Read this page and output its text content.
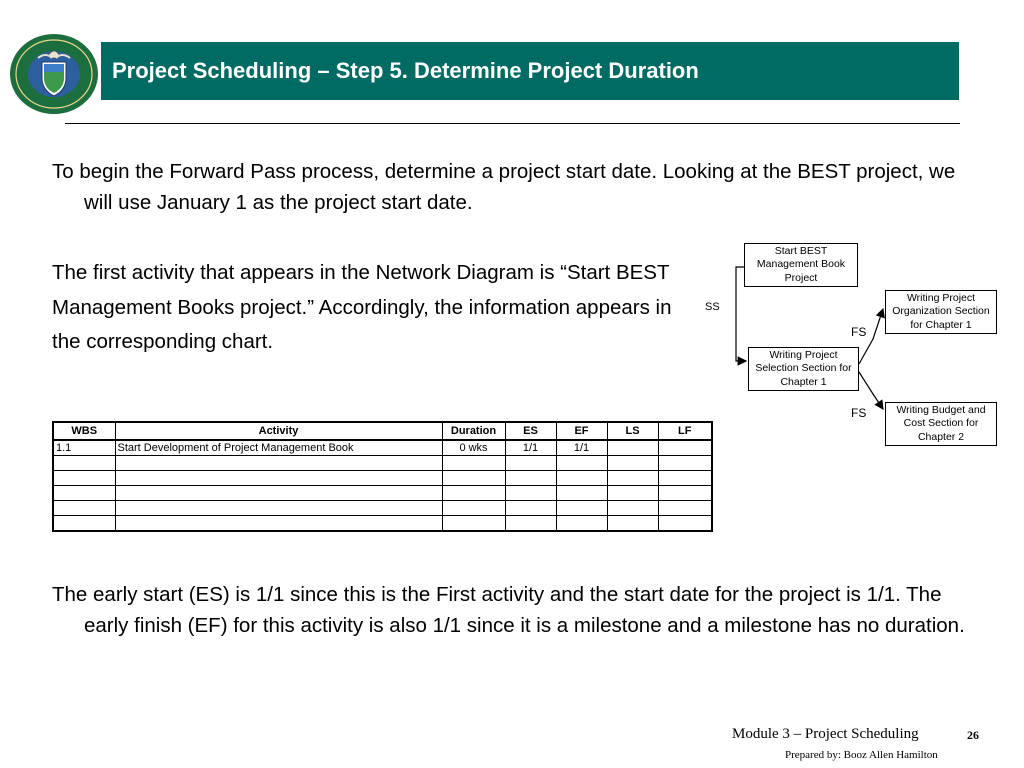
Project Scheduling – Step 5. Determine Project Duration

To begin the Forward Pass process, determine a project start date. Looking at the BEST project, we will use January 1 as the project start date.

The first activity that appears in the Network Diagram is “Start BEST Management Books project.” Accordingly, the information appears in the corresponding chart.

Start BEST Management Book Project
Writing Project Selection Section for Chapter 1
Writing Project Organization Section for Chapter 1
Writing Budget and Cost Section for Chapter 2
SS
FS
FS
WBS	Activity	Duration	ES	EF	LS	LF
1.1	Start Development of Project Management Book	0 wks	1/1	1/1		

The early start (ES) is 1/1 since this is the First activity and the start date for the project is 1/1. The early finish (EF) for this activity is also 1/1 since it is a milestone and a milestone has no duration.

Module 3 – Project Scheduling	26
Prepared by: Booz Allen Hamilton
